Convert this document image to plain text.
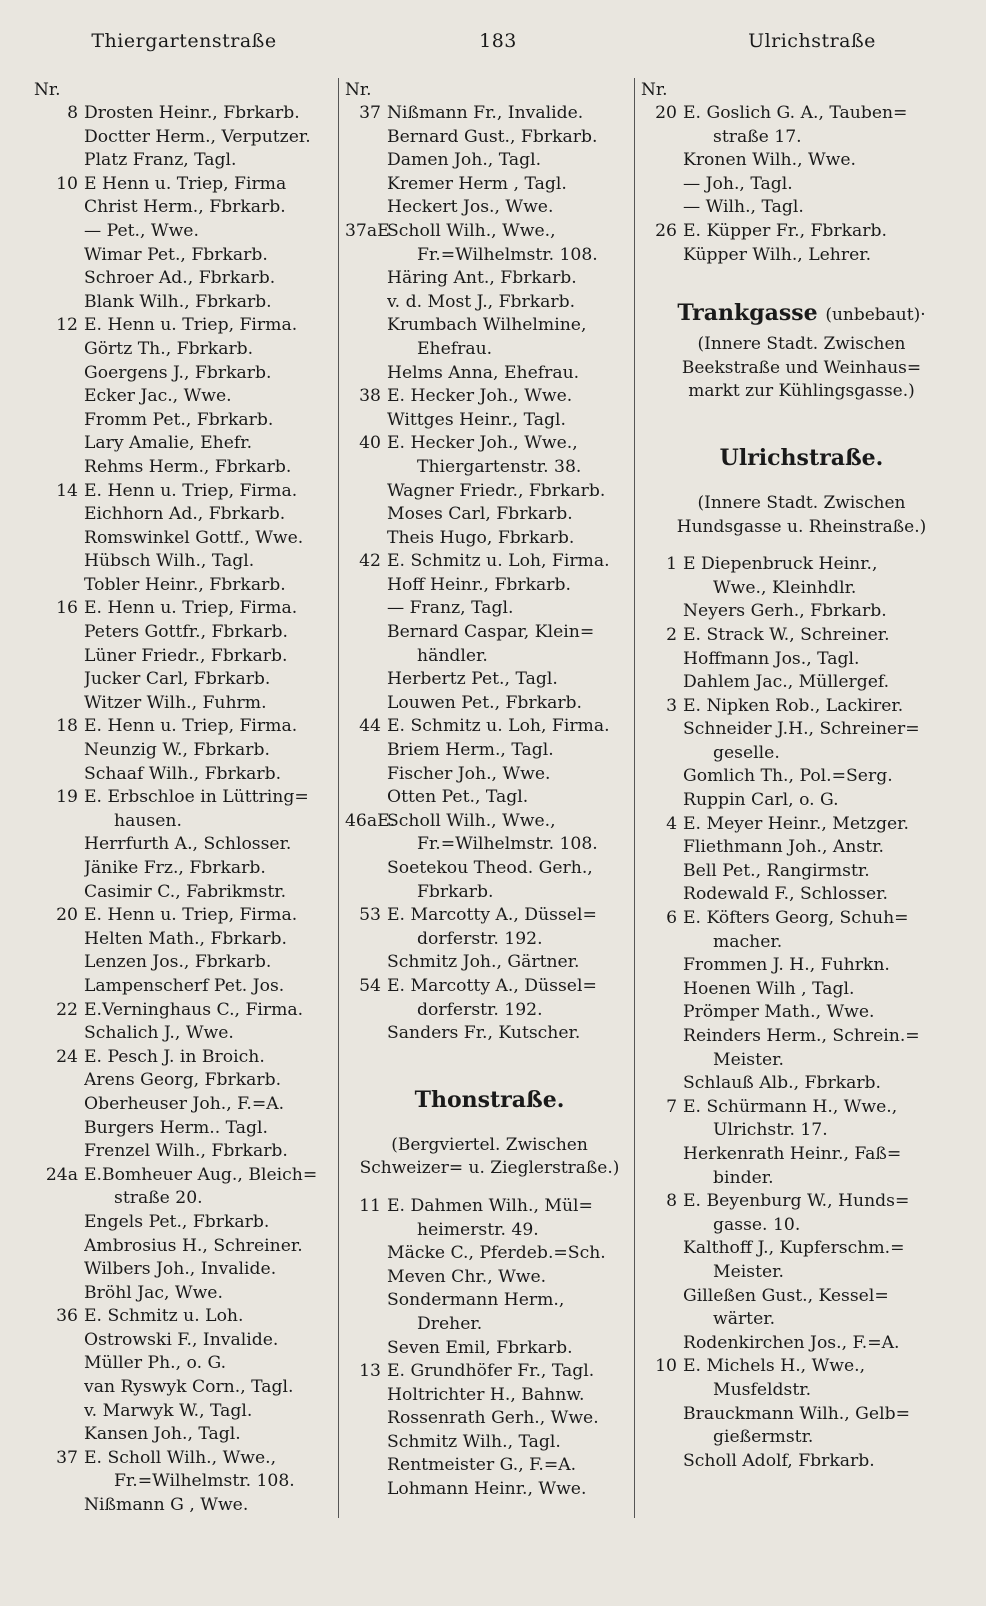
Thiergartenstraße	183	Ulrichstraße
Nr.
8 Drosten Heinr., Fbrkarb.
Doctter Herm., Verputzer.
Platz Franz, Tagl.
10 E Henn u. Triep, Firma
Christ Herm., Fbrkarb.
— Pet., Wwe.
Wimar Pet., Fbrkarb.
Schroer Ad., Fbrkarb.
Blank Wilh., Fbrkarb.
12 E. Henn u. Triep, Firma.
Görtz Th., Fbrkarb.
Goergens J., Fbrkarb.
Ecker Jac., Wwe.
Fromm Pet., Fbrkarb.
Lary Amalie, Ehefr.
Rehms Herm., Fbrkarb.
14 E. Henn u. Triep, Firma.
Eichhorn Ad., Fbrkarb.
Romswinkel Gottf., Wwe.
Hübsch Wilh., Tagl.
Tobler Heinr., Fbrkarb.
16 E. Henn u. Triep, Firma.
Peters Gottfr., Fbrkarb.
Lüner Friedr., Fbrkarb.
Jucker Carl, Fbrkarb.
Witzer Wilh., Fuhrm.
18 E. Henn u. Triep, Firma.
Neunzig W., Fbrkarb.
Schaaf Wilh., Fbrkarb.
19 E. Erbschloe in Lüttring=
hausen.
Herrfurth A., Schlosser.
Jänike Frz., Fbrkarb.
Casimir C., Fabrikmstr.
20 E. Henn u. Triep, Firma.
Helten Math., Fbrkarb.
Lenzen Jos., Fbrkarb.
Lampenscherf Pet. Jos.
22 E.Verninghaus C., Firma.
Schalich J., Wwe.
24 E. Pesch J. in Broich.
Arens Georg, Fbrkarb.
Oberheuser Joh., F.=A.
Burgers Herm.. Tagl.
Frenzel Wilh., Fbrkarb.
24a E.Bomheuer Aug., Bleich=
straße 20.
Engels Pet., Fbrkarb.
Ambrosius H., Schreiner.
Wilbers Joh., Invalide.
Bröhl Jac, Wwe.
36 E. Schmitz u. Loh.
Ostrowski F., Invalide.
Müller Ph., o. G.
van Ryswyk Corn., Tagl.
v. Marwyk W., Tagl.
Kansen Joh., Tagl.
37 E. Scholl Wilh., Wwe.,
Fr.=Wilhelmstr. 108.
Nißmann G , Wwe.
Nr.
37 Nißmann Fr., Invalide.
Bernard Gust., Fbrkarb.
Damen Joh., Tagl.
Kremer Herm , Tagl.
Heckert Jos., Wwe.
37aE
Scholl Wilh., Wwe.,
Fr.=Wilhelmstr. 108.
Häring Ant., Fbrkarb.
v. d. Most J., Fbrkarb.
Krumbach Wilhelmine,
Ehefrau.
Helms Anna, Ehefrau.
38 E. Hecker Joh., Wwe.
Wittges Heinr., Tagl.
40 E. Hecker Joh., Wwe.,
Thiergartenstr. 38.
Wagner Friedr., Fbrkarb.
Moses Carl, Fbrkarb.
Theis Hugo, Fbrkarb.
42 E. Schmitz u. Loh, Firma.
Hoff Heinr., Fbrkarb.
— Franz, Tagl.
Bernard Caspar, Klein=
händler.
Herbertz Pet., Tagl.
Louwen Pet., Fbrkarb.
44 E. Schmitz u. Loh, Firma.
Briem Herm., Tagl.
Fischer Joh., Wwe.
Otten Pet., Tagl.
46aE.
Scholl Wilh., Wwe.,
Fr.=Wilhelmstr. 108.
Soetekou Theod. Gerh.,
Fbrkarb.
53 E. Marcotty A., Düssel=
dorferstr. 192.
Schmitz Joh., Gärtner.
54 E. Marcotty A., Düssel=
dorferstr. 192.
Sanders Fr., Kutscher.
Thonstraße.
(Bergviertel. Zwischen
Schweizer= u. Zieglerstraße.)
11 E. Dahmen Wilh., Mül=
heimerstr. 49.
Mäcke C., Pferdeb.=Sch.
Meven Chr., Wwe.
Sondermann Herm.,
Dreher.
Seven Emil, Fbrkarb.
13 E. Grundhöfer Fr., Tagl.
Holtrichter H., Bahnw.
Rossenrath Gerh., Wwe.
Schmitz Wilh., Tagl.
Rentmeister G., F.=A.
Lohmann Heinr., Wwe.
Nr.
20 E. Goslich G. A., Tauben=
straße 17.
Kronen Wilh., Wwe.
— Joh., Tagl.
— Wilh., Tagl.
26 E. Küpper Fr., Fbrkarb.
Küpper Wilh., Lehrer.
Trankgasse (unbebaut)·
(Innere Stadt. Zwischen
Beekstraße und Weinhaus=
markt zur Kühlingsgasse.)
Ulrichstraße.
(Innere Stadt. Zwischen
Hundsgasse u. Rheinstraße.)
1 E Diepenbruck Heinr.,
Wwe., Kleinhdlr.
Neyers Gerh., Fbrkarb.
2 E. Strack W., Schreiner.
Hoffmann Jos., Tagl.
Dahlem Jac., Müllergef.
3 E. Nipken Rob., Lackirer.
Schneider J.H., Schreiner=
geselle.
Gomlich Th., Pol.=Serg.
Ruppin Carl, o. G.
4 E. Meyer Heinr., Metzger.
Fliethmann Joh., Anstr.
Bell Pet., Rangirmstr.
Rodewald F., Schlosser.
6 E. Köfters Georg, Schuh=
macher.
Frommen J. H., Fuhrkn.
Hoenen Wilh , Tagl.
Prömper Math., Wwe.
Reinders Herm., Schrein.=
Meister.
Schlauß Alb., Fbrkarb.
7 E. Schürmann H., Wwe.,
Ulrichstr. 17.
Herkenrath Heinr., Faß=
binder.
8 E. Beyenburg W., Hunds=
gasse. 10.
Kalthoff J., Kupferschm.=
Meister.
Gilleßen Gust., Kessel=
wärter.
Rodenkirchen Jos., F.=A.
10 E. Michels H., Wwe.,
Musfeldstr.
Brauckmann Wilh., Gelb=
gießermstr.
Scholl Adolf, Fbrkarb.
